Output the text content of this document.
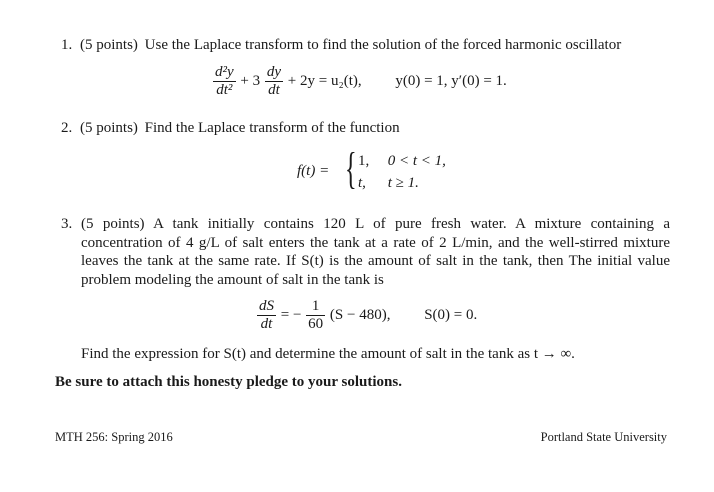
1. (5 points) Use the Laplace transform to find the solution of the forced harmonic oscillator
$\frac{\text{d²y}}{\text{dt²}} + 3 \frac{dy}{dt} + 2y = u_2(t)$, y(0) = 1, y′(0) = 1.
2. (5 points) Find the Laplace transform of the function
f(t) = { 1, 0 < t < 1,
t, t ≥ 1.
3. (5 points) A tank initially contains 120 L of pure fresh water. A mixture containing a concentration of 4 g/L of salt enters the tank at a rate of 2 L/min, and the well-stirred mixture leaves the tank at the same rate. If S(t) is the amount of salt in the tank, then The initial value problem modeling the amount of salt in the tank is
$\frac{dS}{dt}$ = − $\frac{1}{60} (S - 480)$, S(0) = 0.
Find the expression for S(t) and determine the amount of salt in the tank as t → ∞.
Be sure to attach this honesty pledge to your solutions.
MTH 256: Spring 2016	Portland State University
